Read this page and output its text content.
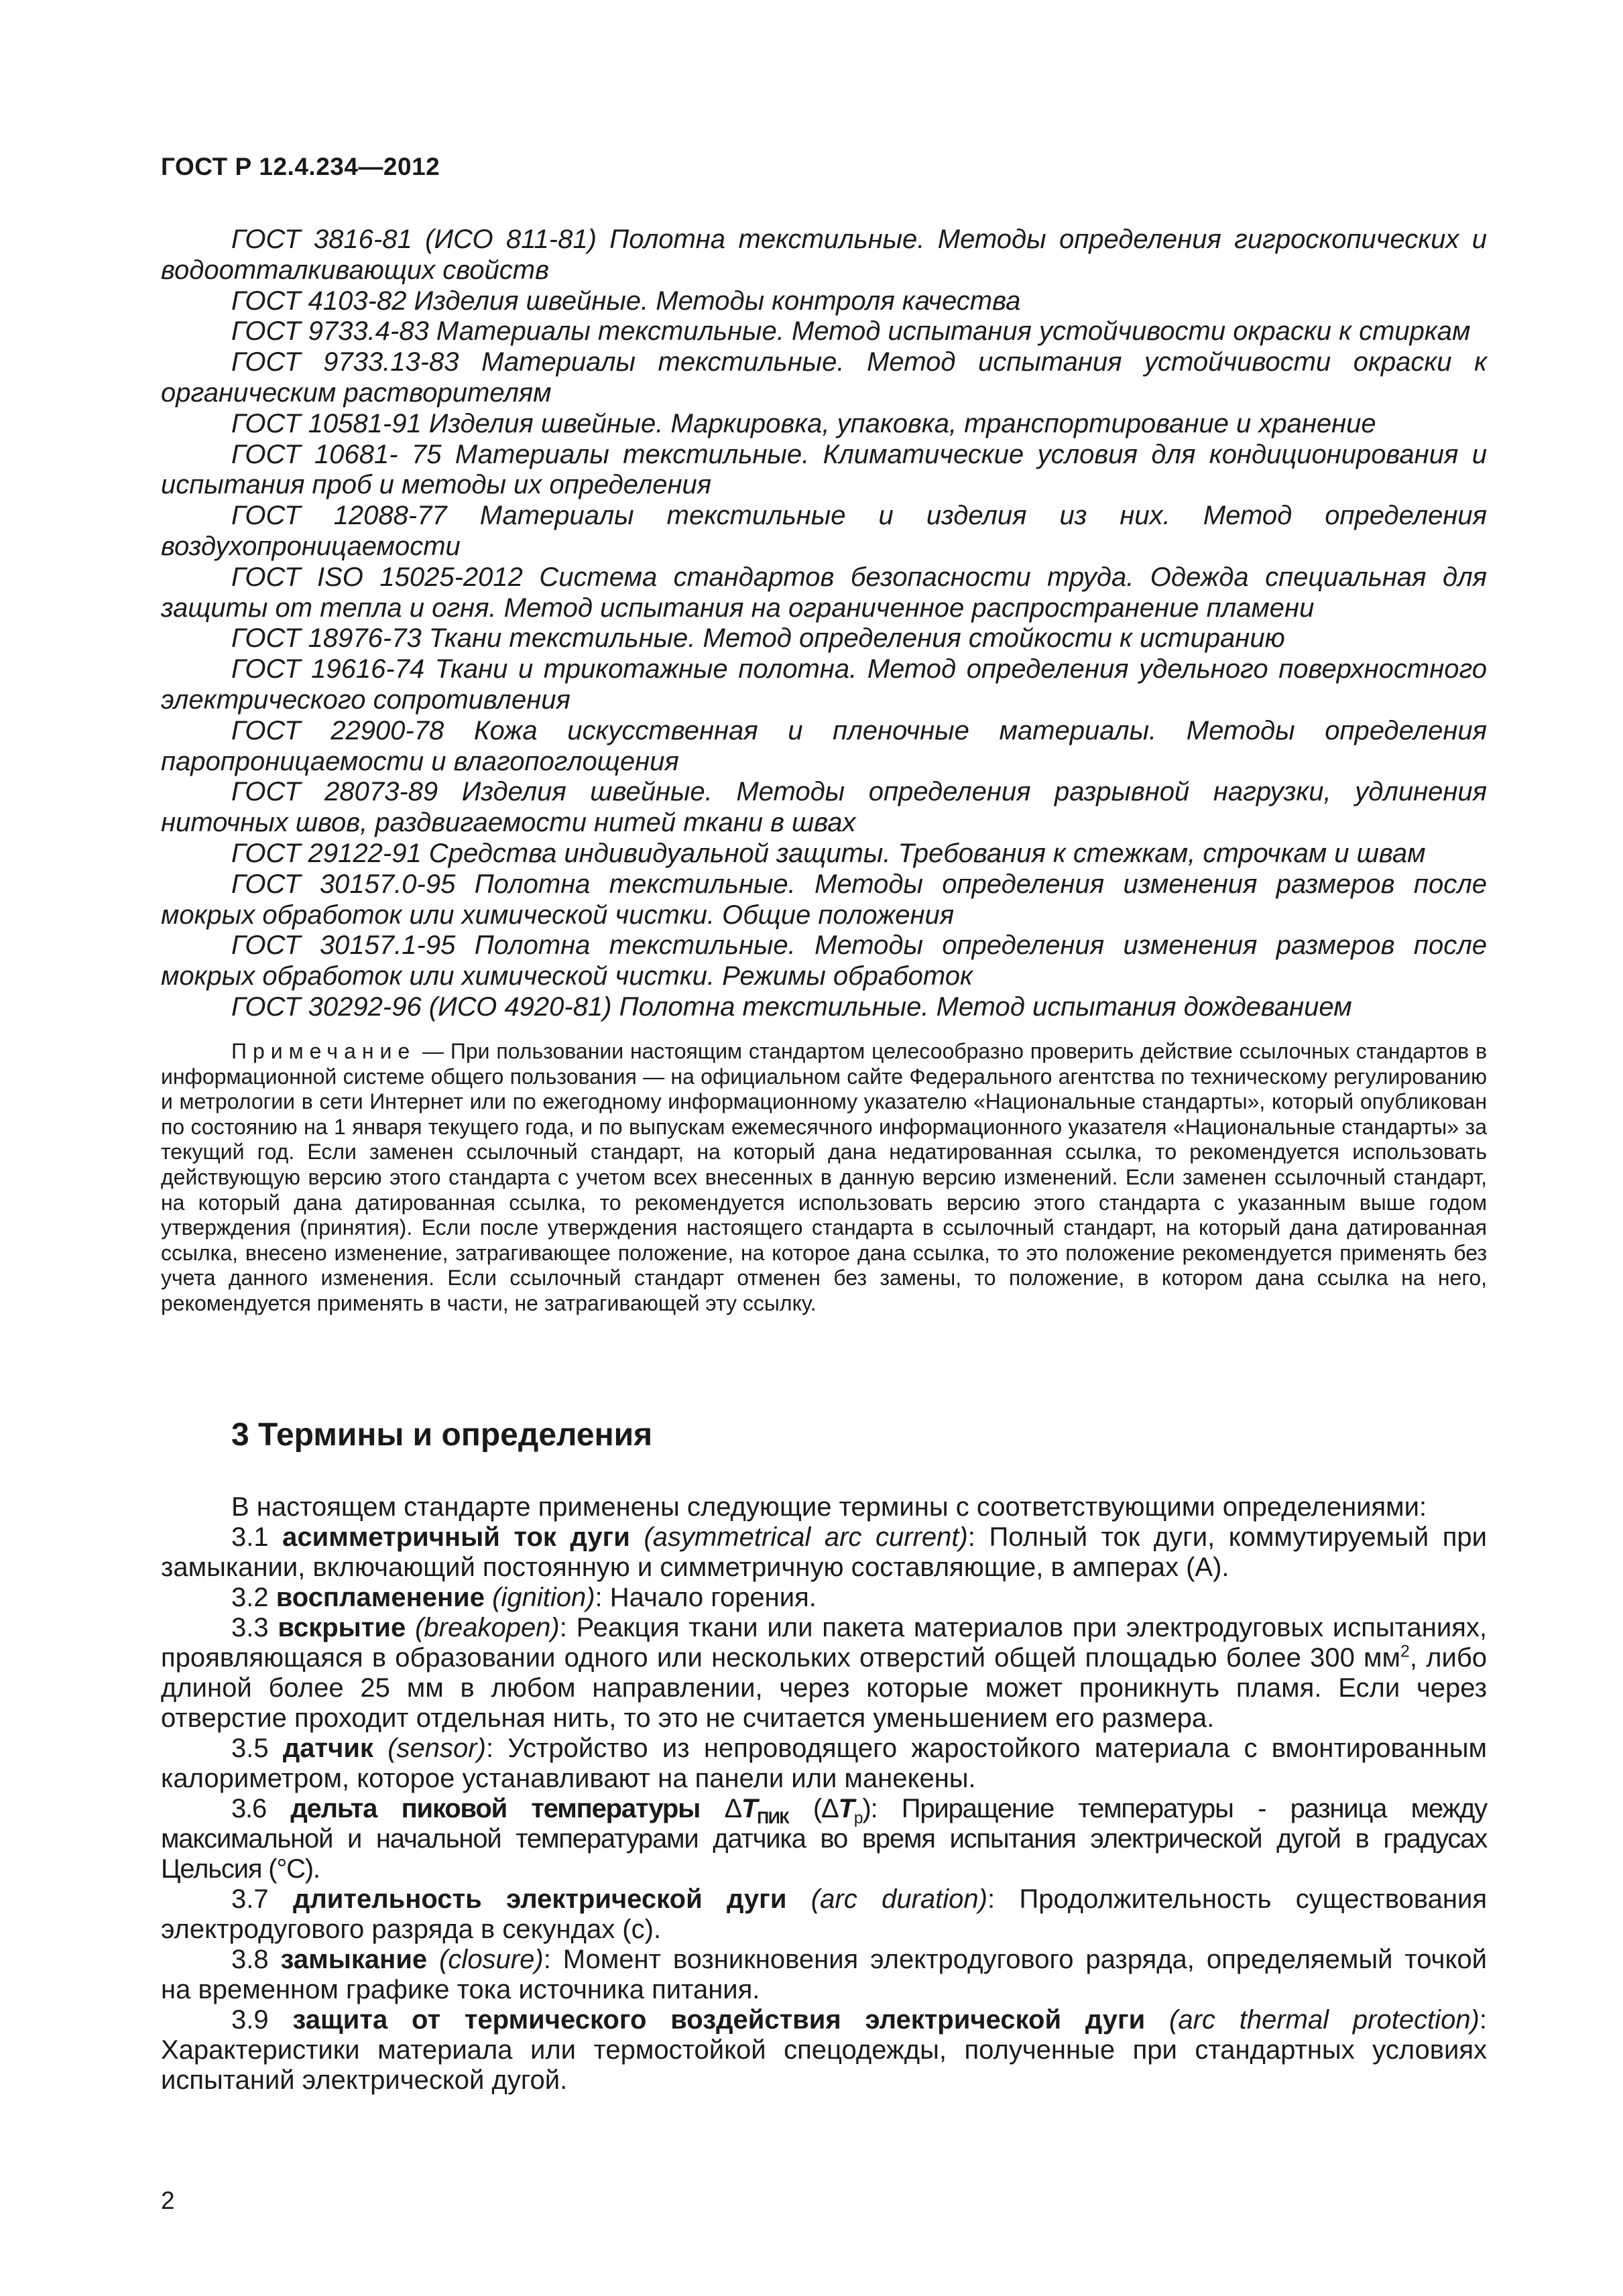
ГОСТ Р 12.4.234—2012

ГОСТ 3816-81 (ИСО 811-81) Полотна текстильные. Методы определения гигроскопических и водоотталкивающих свойств

ГОСТ 4103-82 Изделия швейные. Методы контроля качества

ГОСТ 9733.4-83 Материалы текстильные. Метод испытания устойчивости окраски к стиркам

ГОСТ 9733.13-83 Материалы текстильные. Метод испытания устойчивости окраски к органическим растворителям

ГОСТ 10581-91 Изделия швейные. Маркировка, упаковка, транспортирование и хранение

ГОСТ 10681- 75 Материалы текстильные. Климатические условия для кондиционирования и испытания проб и методы их определения

ГОСТ 12088-77 Материалы текстильные и изделия из них. Метод определения воздухопроницаемости

ГОСТ ISO 15025-2012 Система стандартов безопасности труда. Одежда специальная для защиты от тепла и огня. Метод испытания на ограниченное распространение пламени

ГОСТ 18976-73 Ткани текстильные. Метод определения стойкости к истиранию

ГОСТ 19616-74 Ткани и трикотажные полотна. Метод определения удельного поверхностного электрического сопротивления

ГОСТ 22900-78 Кожа искусственная и пленочные материалы. Методы определения паропроницаемости и влагопоглощения

ГОСТ 28073-89 Изделия швейные. Методы определения разрывной нагрузки, удлинения ниточных швов, раздвигаемости нитей ткани в швах

ГОСТ 29122-91 Средства индивидуальной защиты. Требования к стежкам, строчкам и швам

ГОСТ 30157.0-95 Полотна текстильные. Методы определения изменения размеров после мокрых обработок или химической чистки. Общие положения

ГОСТ 30157.1-95 Полотна текстильные. Методы определения изменения размеров после мокрых обработок или химической чистки. Режимы обработок

ГОСТ 30292-96 (ИСО 4920-81) Полотна текстильные. Метод испытания дождеванием

Примечание — При пользовании настоящим стандартом целесообразно проверить действие ссылочных стандартов в информационной системе общего пользования — на официальном сайте Федерального агентства по техническому регулированию и метрологии в сети Интернет или по ежегодному информационному указателю «Национальные стандарты», который опубликован по состоянию на 1 января текущего года, и по выпускам ежемесячного информационного указателя «Национальные стандарты» за текущий год. Если заменен ссылочный стандарт, на который дана недатированная ссылка, то рекомендуется использовать действующую версию этого стандарта с учетом всех внесенных в данную версию изменений. Если заменен ссылочный стандарт, на который дана датированная ссылка, то рекомендуется использовать версию этого стандарта с указанным выше годом утверждения (принятия). Если после утверждения настоящего стандарта в ссылочный стандарт, на который дана датированная ссылка, внесено изменение, затрагивающее положение, на которое дана ссылка, то это положение рекомендуется применять без учета данного изменения. Если ссылочный стандарт отменен без замены, то положение, в котором дана ссылка на него, рекомендуется применять в части, не затрагивающей эту ссылку.

3 Термины и определения

В настоящем стандарте применены следующие термины с соответствующими определениями:

3.1 асимметричный ток дуги (asymmetrical arc current): Полный ток дуги, коммутируемый при замыкании, включающий постоянную и симметричную составляющие, в амперах (А).

3.2 воспламенение (ignition): Начало горения.

3.3 вскрытие (breakopen): Реакция ткани или пакета материалов при электродуговых испытаниях, проявляющаяся в образовании одного или нескольких отверстий общей площадью более 300 $мм^2$, либо длиной более 25 мм в любом направлении, через которые может проникнуть пламя. Если через отверстие проходит отдельная нить, то это не считается уменьшением его размера.

3.5 датчик (sensor): Устройство из непроводящего жаростойкого материала с вмонтированным калориметром, которое устанавливают на панели или манекены.

3.6 дельта пиковой температуры $\Delta T_{ПИК}$ $(\Delta T_р)$: Приращение температуры - разница между максимальной и начальной температурами датчика во время испытания электрической дугой в градусах Цельсия (°С).

3.7 длительность электрической дуги (arc duration): Продолжительность существования электродугового разряда в секундах (с).

3.8 замыкание (closure): Момент возникновения электродугового разряда, определяемый точкой на временном графике тока источника питания.

3.9 защита от термического воздействия электрической дуги (arc thermal protection): Характеристики материала или термостойкой спецодежды, полученные при стандартных условиях испытаний электрической дугой.

2
